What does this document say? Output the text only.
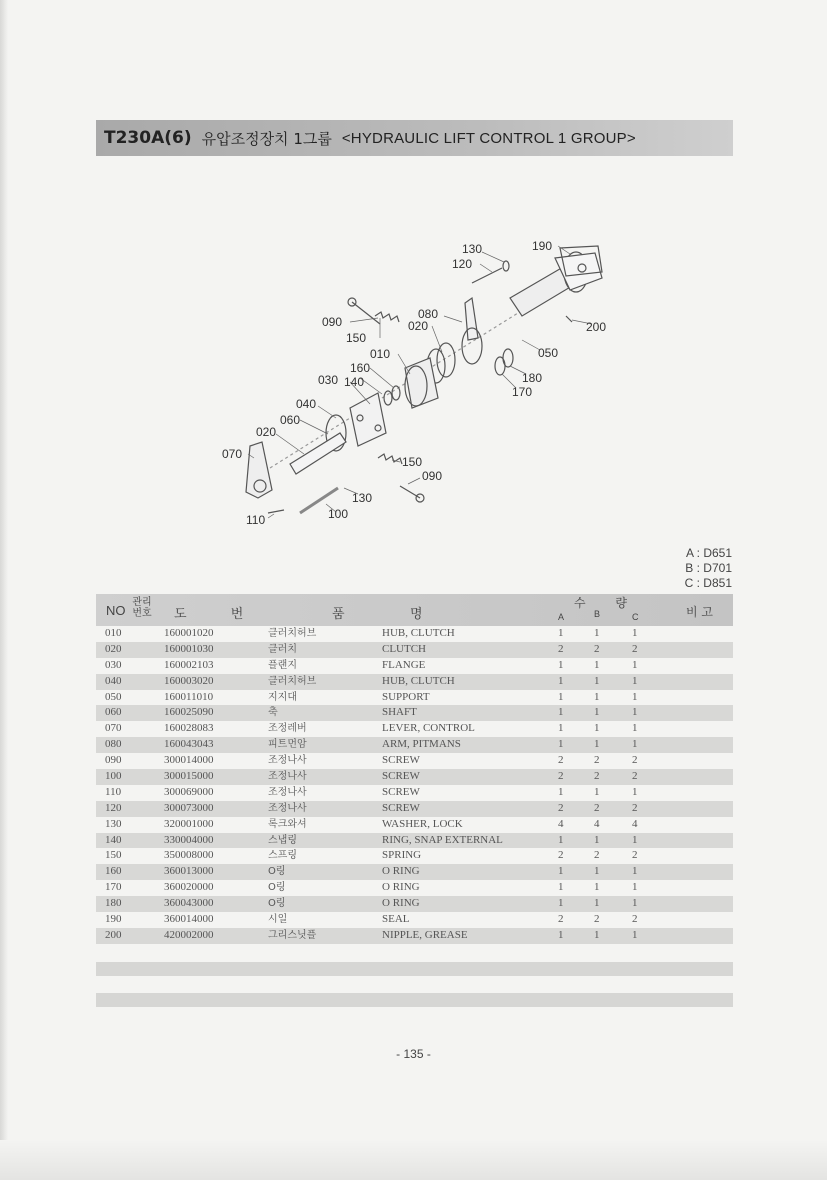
T230A(6) 유압조정장치 1그룹 <HYDRAULIC LIFT CONTROL 1 GROUP>
130
120
190
090
080
020
150
200
010	050
160
030 140	180
170
040
060
020
070
150
090
130
100
110
A : D651
B : D701
C : D851
NO
관리
번호 도 번	품	명
수 량
A	B	C	비 고
010	160001020	클러치허브	HUB, CLUTCH	1	1	1
020	160001030	클러치	CLUTCH	2	2	2
030	160002103	플랜지	FLANGE	1	1	1
040	160003020	클러치허브	HUB, CLUTCH	1	1	1
050	160011010	지지대	SUPPORT	1	1	1
060	160025090	축	SHAFT	1	1	1
070	160028083	조정레버	LEVER, CONTROL	1	1	1
080	160043043	피트먼암	ARM, PITMANS	1	1	1
090	300014000	조정나사	SCREW	2	2	2
100	300015000	조정나사	SCREW	2	2	2
110	300069000	조정나사	SCREW	1	1	1
120	300073000	조정나사	SCREW	2	2	2
130	320001000	록크와셔	WASHER, LOCK	4	4	4
140	330004000	스냅링	RING, SNAP EXTERNAL	1	1	1
150	350008000	스프링	SPRING	2	2	2
160	360013000	O링	O RING	1	1	1
170	360020000	O링	O RING	1	1	1
180	360043000	O링	O RING	1	1	1
190	360014000	시일	SEAL	2	2	2
200	420002000	그리스닛플	NIPPLE, GREASE	1	1	1
- 135 -
